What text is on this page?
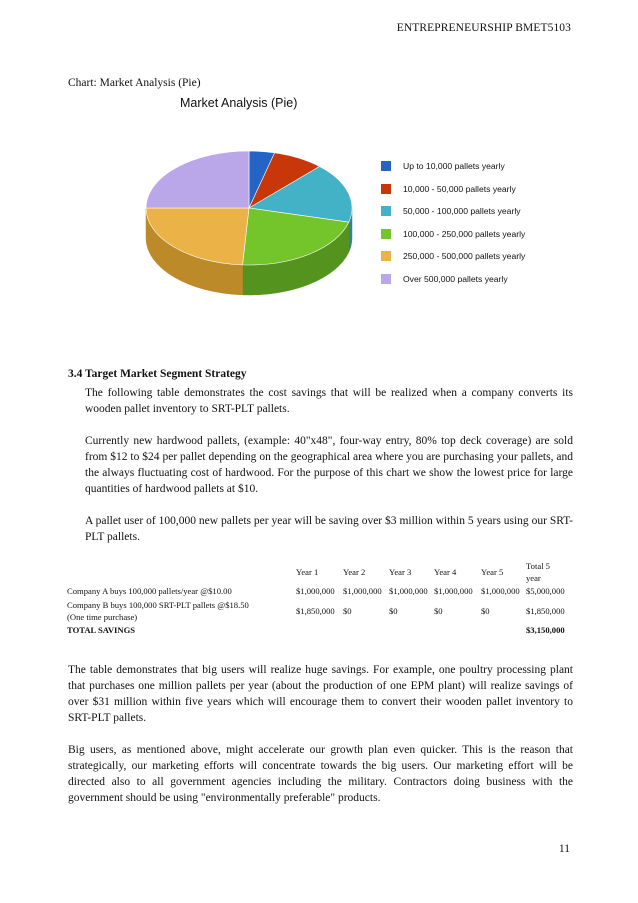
ENTREPRENEURSHIP BMET5103
Chart: Market Analysis (Pie)
Market Analysis (Pie)
Up to 10,000 pallets yearly
10,000 - 50,000 pallets yearly
50,000 - 100,000 pallets yearly
100,000 - 250,000 pallets yearly
250,000 - 500,000 pallets yearly
Over 500,000 pallets yearly
3.4 Target Market Segment Strategy

The following table demonstrates the cost savings that will be realized when a company converts its wooden pallet inventory to SRT-PLT pallets.

Currently new hardwood pallets, (example: 40"x48", four-way entry, 80% top deck coverage) are sold from $12 to $24 per pallet depending on the geographical area where you are purchasing your pallets, and the always fluctuating cost of hardwood. For the purpose of this chart we show the lowest price for large quantities of hardwood pallets at $10.

A pallet user of 100,000 new pallets per year will be saving over $3 million within 5 years using our SRT-PLT pallets.

Year 1	Year 2	Year 3	Year 4	Year 5
Total 5
year
Company A buys 100,000 pallets/year @$10.00	$1,000,000 $1,000,000 $1,000,000 $1,000,000 $1,000,000 $5,000,000
Company B buys 100,000 SRT-PLT pallets @$18.50
(One time purchase)
$1,850,000 $0	$0	$0	$0	$1,850,000
TOTAL SAVINGS	$3,150,000

The table demonstrates that big users will realize huge savings. For example, one poultry processing plant that purchases one million pallets per year (about the production of one EPM plant) will realize savings of over $31 million within five years which will encourage them to convert their wooden pallet inventory to SRT-PLT pallets.

Big users, as mentioned above, might accelerate our growth plan even quicker. This is the reason that strategically, our marketing efforts will concentrate towards the big users. Our marketing effort will be directed also to all government agencies including the military. Contractors doing business with the government should be using "environmentally preferable" products.

11
